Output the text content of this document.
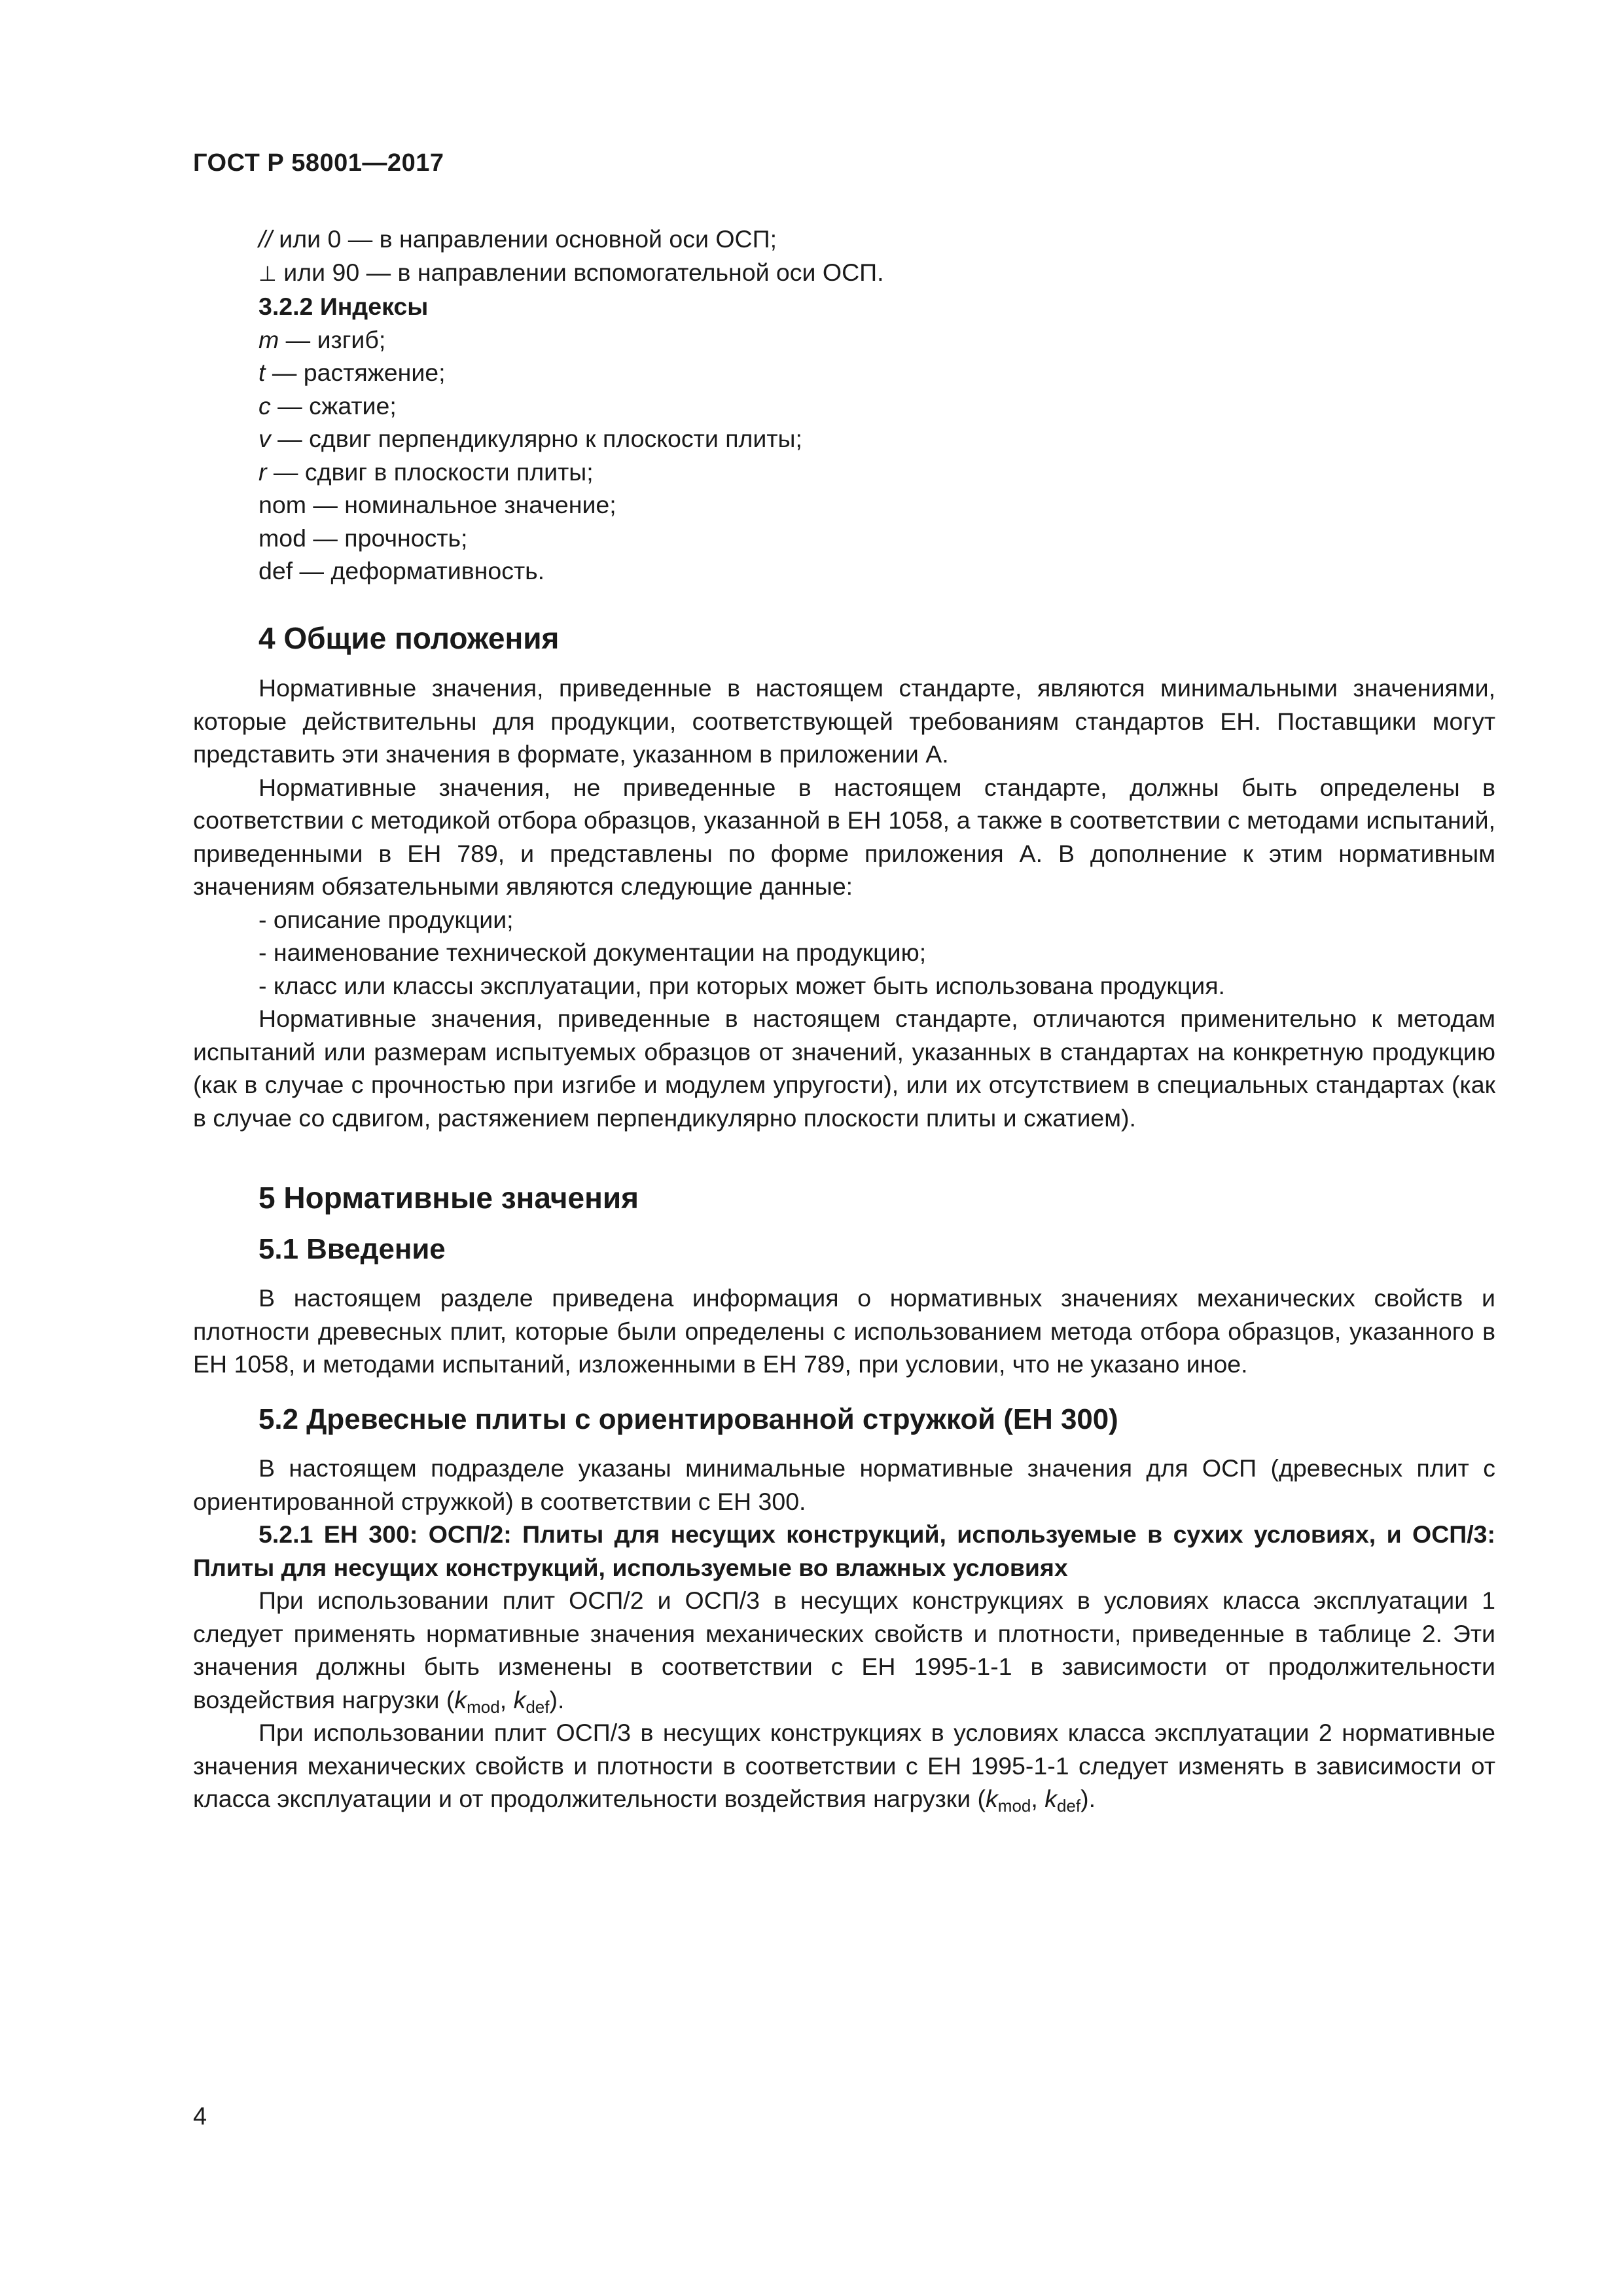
ГОСТ Р 58001—2017
// или 0 — в направлении основной оси ОСП;
⊥ или 90 — в направлении вспомогательной оси ОСП.
3.2.2 Индексы
m — изгиб;
t — растяжение;
c — сжатие;
v — сдвиг перпендикулярно к плоскости плиты;
r — сдвиг в плоскости плиты;
nom — номинальное значение;
mod — прочность;
def — деформативность.
4 Общие положения

Нормативные значения, приведенные в настоящем стандарте, являются минимальными значениями, которые действительны для продукции, соответствующей требованиям стандартов ЕН. Поставщики могут представить эти значения в формате, указанном в приложении А.

Нормативные значения, не приведенные в настоящем стандарте, должны быть определены в соответствии с методикой отбора образцов, указанной в ЕН 1058, а также в соответствии с методами испытаний, приведенными в ЕН 789, и представлены по форме приложения А. В дополнение к этим нормативным значениям обязательными являются следующие данные:

- описание продукции;
- наименование технической документации на продукцию;
- класс или классы эксплуатации, при которых может быть использована продукция.

Нормативные значения, приведенные в настоящем стандарте, отличаются применительно к методам испытаний или размерам испытуемых образцов от значений, указанных в стандартах на конкретную продукцию (как в случае с прочностью при изгибе и модулем упругости), или их отсутствием в специальных стандартах (как в случае со сдвигом, растяжением перпендикулярно плоскости плиты и сжатием).

5 Нормативные значения
5.1 Введение

В настоящем разделе приведена информация о нормативных значениях механических свойств и плотности древесных плит, которые были определены с использованием метода отбора образцов, указанного в ЕН 1058, и методами испытаний, изложенными в ЕН 789, при условии, что не указано иное.

5.2 Древесные плиты с ориентированной стружкой (ЕН 300)

В настоящем подразделе указаны минимальные нормативные значения для ОСП (древесных плит с ориентированной стружкой) в соответствии с ЕН 300.

5.2.1 ЕН 300: ОСП/2: Плиты для несущих конструкций, используемые в сухих условиях, и ОСП/3: Плиты для несущих конструкций, используемые во влажных условиях

При использовании плит ОСП/2 и ОСП/3 в несущих конструкциях в условиях класса эксплуатации 1 следует применять нормативные значения механических свойств и плотности, приведенные в таблице 2. Эти значения должны быть изменены в соответствии с ЕН 1995-1-1 в зависимости от продолжительности воздействия нагрузки ($k_{mod}$, $k_{def}$).

При использовании плит ОСП/3 в несущих конструкциях в условиях класса эксплуатации 2 нормативные значения механических свойств и плотности в соответствии с ЕН 1995-1-1 следует изменять в зависимости от класса эксплуатации и от продолжительности воздействия нагрузки ($k_{mod}$, $k_{def}$).

4
